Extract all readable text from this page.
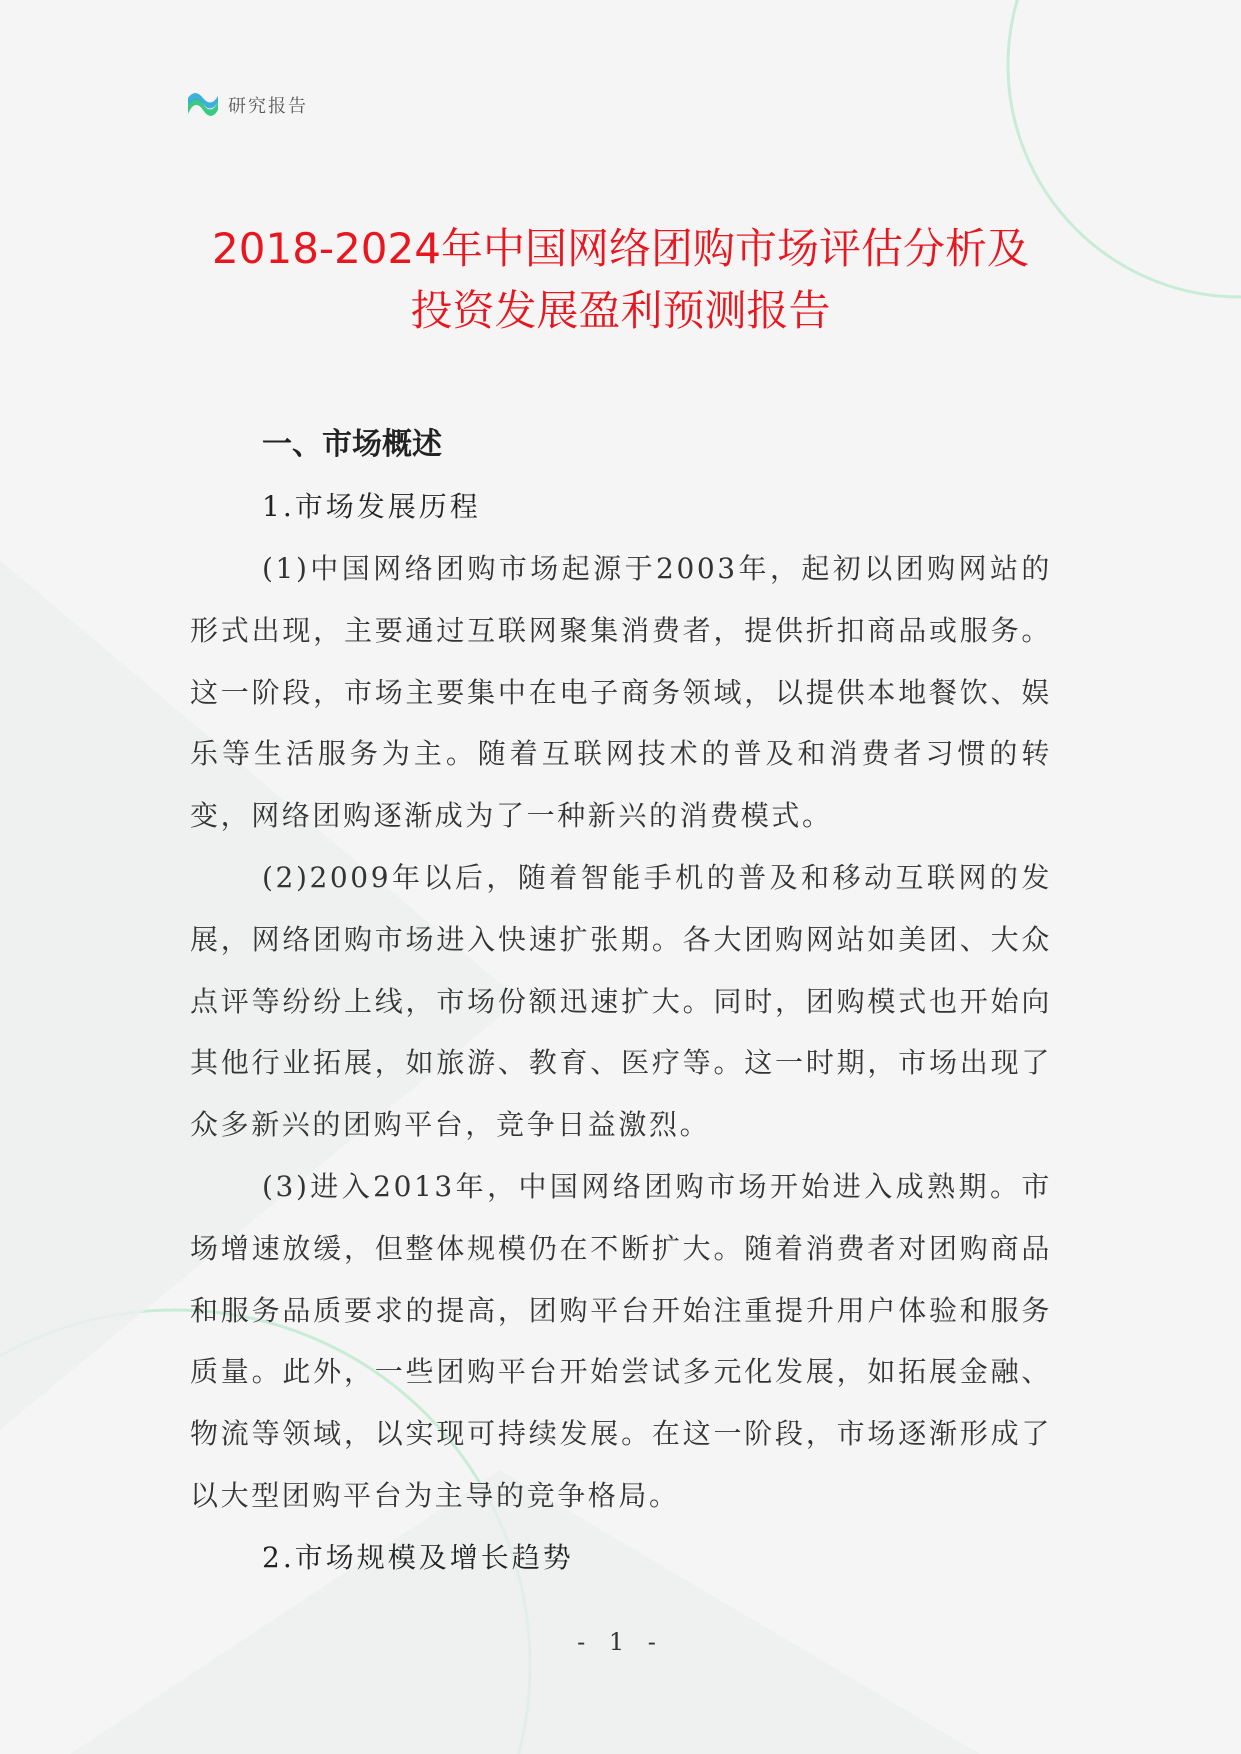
研究报告
2018-2024年中国网络团购市场评估分析及
投资发展盈利预测报告
一、市场概述
1.市场发展历程

(1)中国网络团购市场起源于2003年，起初以团购网站的形式出现，主要通过互联网聚集消费者，提供折扣商品或服务。这一阶段，市场主要集中在电子商务领域，以提供本地餐饮、娱乐等生活服务为主。随着互联网技术的普及和消费者习惯的转变，网络团购逐渐成为了一种新兴的消费模式。

(2)2009年以后，随着智能手机的普及和移动互联网的发展，网络团购市场进入快速扩张期。各大团购网站如美团、大众点评等纷纷上线，市场份额迅速扩大。同时，团购模式也开始向其他行业拓展，如旅游、教育、医疗等。这一时期，市场出现了众多新兴的团购平台，竞争日益激烈。

(3)进入2013年，中国网络团购市场开始进入成熟期。市场增速放缓，但整体规模仍在不断扩大。随着消费者对团购商品和服务品质要求的提高，团购平台开始注重提升用户体验和服务质量。此外，一些团购平台开始尝试多元化发展，如拓展金融、物流等领域，以实现可持续发展。在这一阶段，市场逐渐形成了以大型团购平台为主导的竞争格局。

2.市场规模及增长趋势
- 1 -
